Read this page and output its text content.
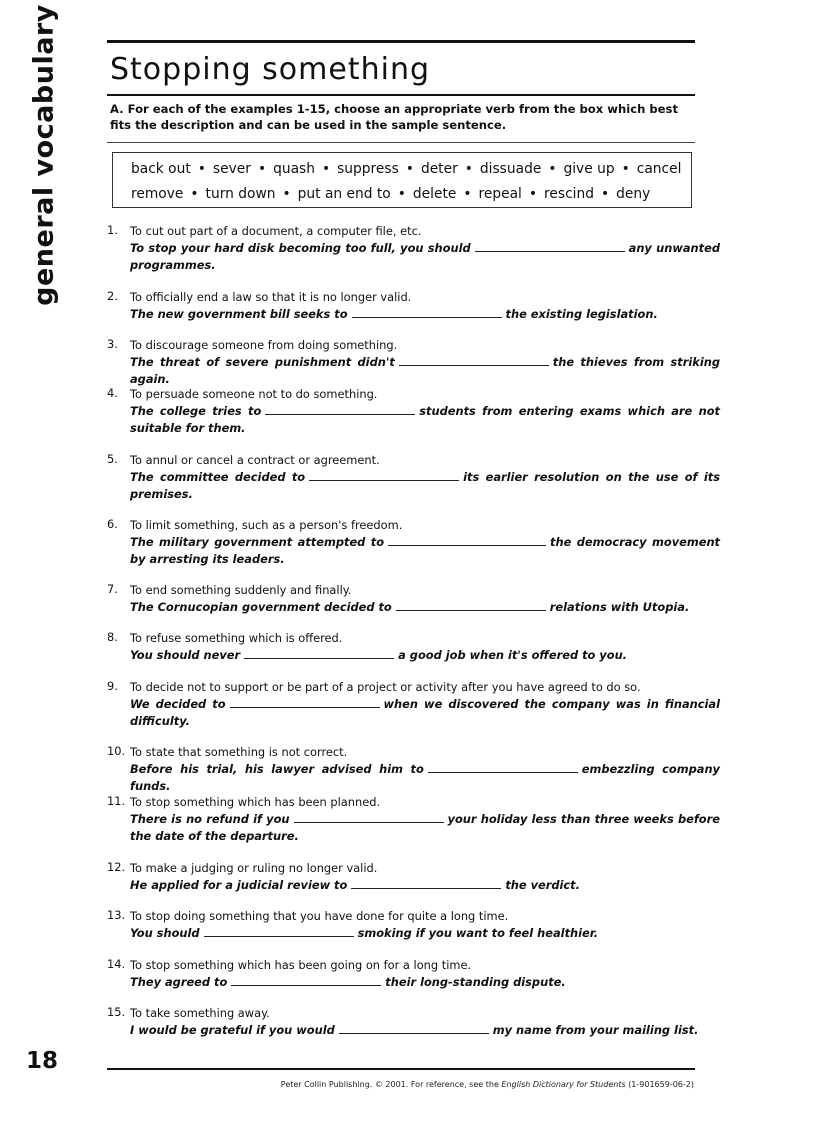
general vocabulary Stopping something
A. For each of the examples 1-15, choose an appropriate verb from the box which best fits the description and can be used in the sample sentence.
back out • sever • quash • suppress • deter • dissuade • give up • cancel
remove • turn down • put an end to • delete • repeal • rescind • deny
1. To cut out part of a document, a computer file, etc.
To stop your hard disk becoming too full, you should	any unwanted programmes.
2. To officially end a law so that it is no longer valid.
The new government bill seeks to	the existing legislation.
3. To discourage someone from doing something.
The threat of severe punishment didn't	the thieves from striking again.
4. To persuade someone not to do something.
The college tries to	students from entering exams which are not suitable for them.
5. To annul or cancel a contract or agreement.
The committee decided to	its earlier resolution on the use of its premises.
6. To limit something, such as a person's freedom.
The military government attempted to	the democracy movement by arresting its leaders.
7. To end something suddenly and finally.
The Cornucopian government decided to	relations with Utopia.
8. To refuse something which is offered.
You should never	a good job when it's offered to you.
9. To decide not to support or be part of a project or activity after you have agreed to do so.
We decided to	when we discovered the company was in financial difficulty.
10. To state that something is not correct.
Before his trial, his lawyer advised him to	embezzling company funds.
11. To stop something which has been planned.
There is no refund if you	your holiday less than three weeks before the date of the departure.
12. To make a judging or ruling no longer valid.
He applied for a judicial review to	the verdict.
13. To stop doing something that you have done for quite a long time.
You should	smoking if you want to feel healthier.
14. To stop something which has been going on for a long time.
They agreed to	their long-standing dispute.
15. To take something away.
I would be grateful if you would	my name from your mailing list.
18
Peter Collin Publishing. © 2001. For reference, see the English Dictionary for Students (1-901659-06-2)
